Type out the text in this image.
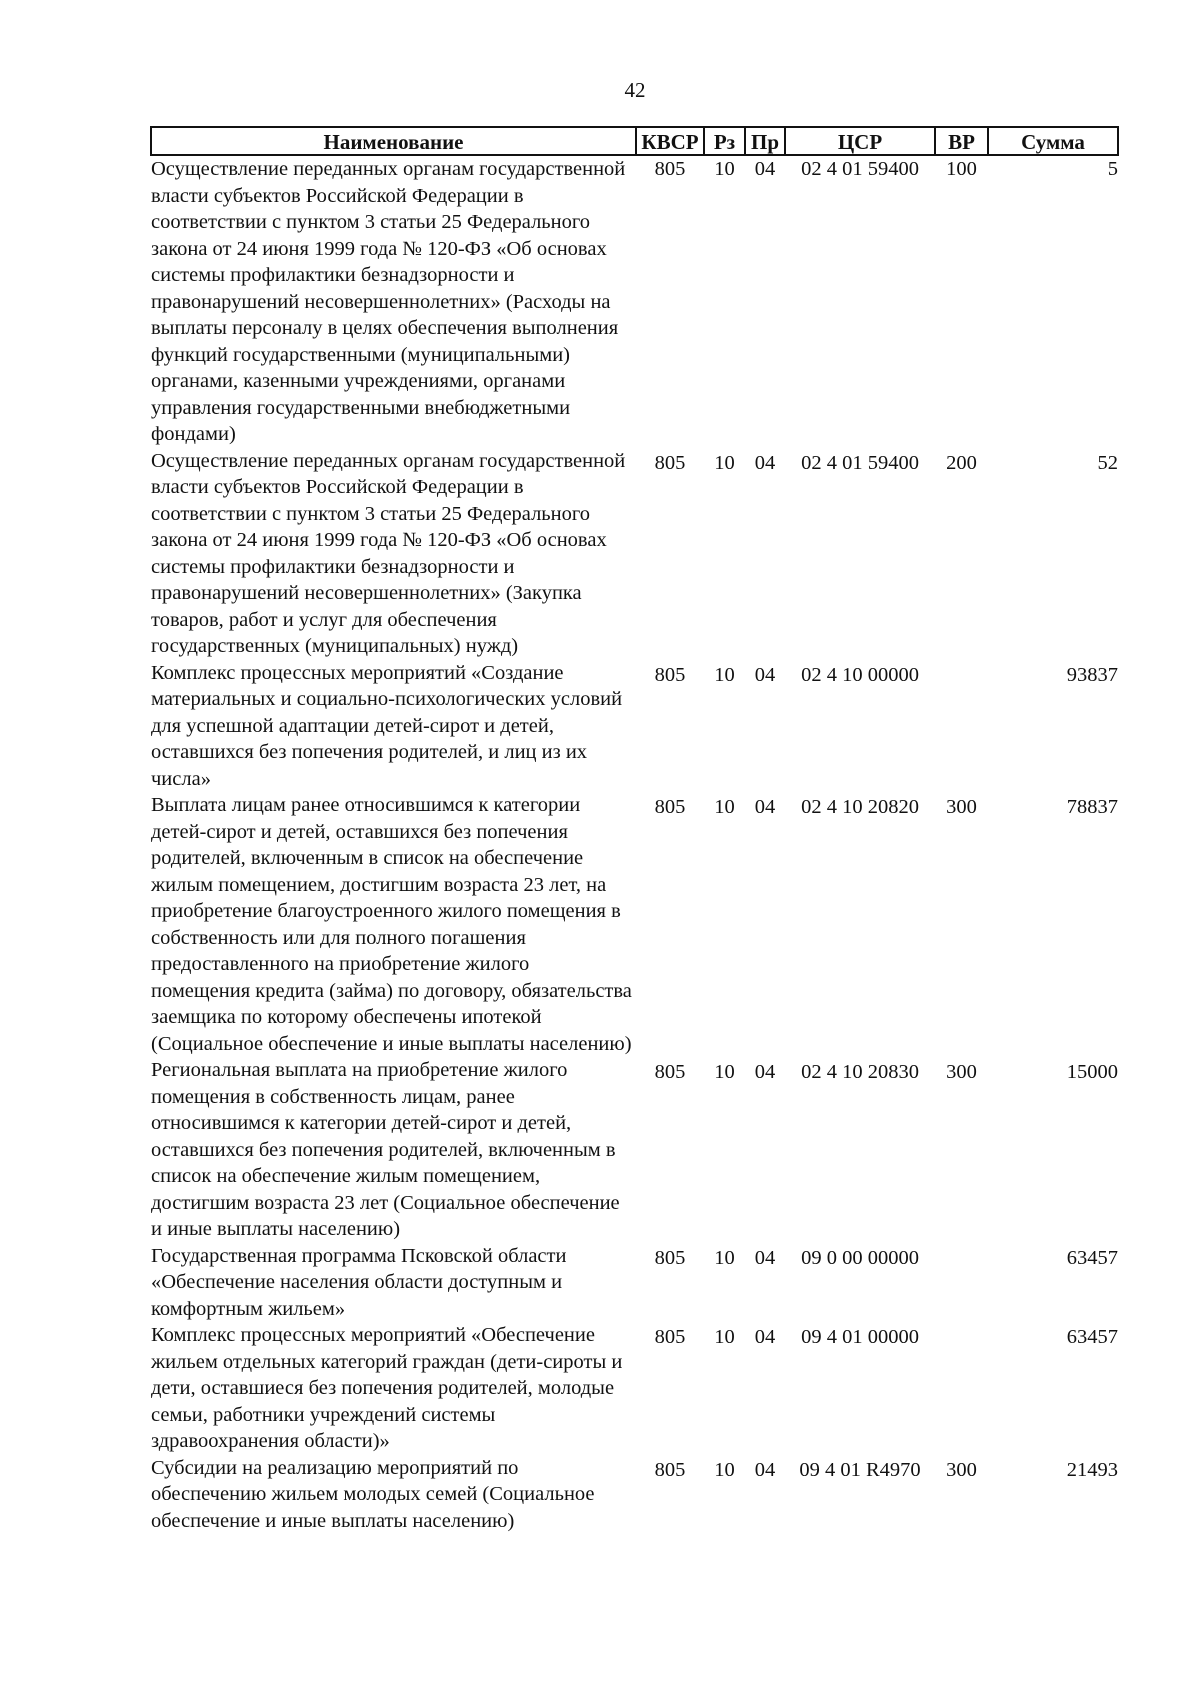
42
Наименование	КВСР	Рз	Пр	ЦСР	ВР	Сумма
Осуществление переданных органам государственной власти субъектов Российской Федерации в соответствии с пунктом 3 статьи 25 Федерального закона от 24 июня 1999 года № 120-ФЗ «Об основах системы профилактики безнадзорности и правонарушений несовершеннолетних» (Расходы на выплаты персоналу в целях обеспечения выполнения функций государственными (муниципальными) органами, казенными учреждениями, органами управления государственными внебюджетными фондами)	805	10	04	02 4 01 59400	100	5
Осуществление переданных органам государственной власти субъектов Российской Федерации в соответствии с пунктом 3 статьи 25 Федерального закона от 24 июня 1999 года № 120-ФЗ «Об основах системы профилактики безнадзорности и правонарушений несовершеннолетних» (Закупка товаров, работ и услуг для обеспечения государственных (муниципальных) нужд)	805	10	04	02 4 01 59400	200	52
Комплекс процессных мероприятий «Создание материальных и социально-психологических условий для успешной адаптации детей-сирот и детей, оставшихся без попечения родителей, и лиц из их числа»	805	10	04	02 4 10 00000		93837
Выплата лицам ранее относившимся к категории детей-сирот и детей, оставшихся без попечения родителей, включенным в список на обеспечение жилым помещением, достигшим возраста 23 лет, на приобретение благоустроенного жилого помещения в собственность или для полного погашения предоставленного на приобретение жилого помещения кредита (займа) по договору, обязательства заемщика по которому обеспечены ипотекой (Социальное обеспечение и иные выплаты населению)	805	10	04	02 4 10 20820	300	78837
Региональная выплата на приобретение жилого помещения в собственность лицам, ранее относившимся к категории детей-сирот и детей, оставшихся без попечения родителей, включенным в список на обеспечение жилым помещением, достигшим возраста 23 лет (Социальное обеспечение и иные выплаты населению)	805	10	04	02 4 10 20830	300	15000
Государственная программа Псковской области «Обеспечение населения области доступным и комфортным жильем»	805	10	04	09 0 00 00000		63457
Комплекс процессных мероприятий «Обеспечение жильем отдельных категорий граждан (дети-сироты и дети, оставшиеся без попечения родителей, молодые семьи, работники учреждений системы здравоохранения области)»	805	10	04	09 4 01 00000		63457
Субсидии на реализацию мероприятий по обеспечению жильем молодых семей (Социальное обеспечение и иные выплаты населению)	805	10	04	09 4 01 R4970	300	21493
